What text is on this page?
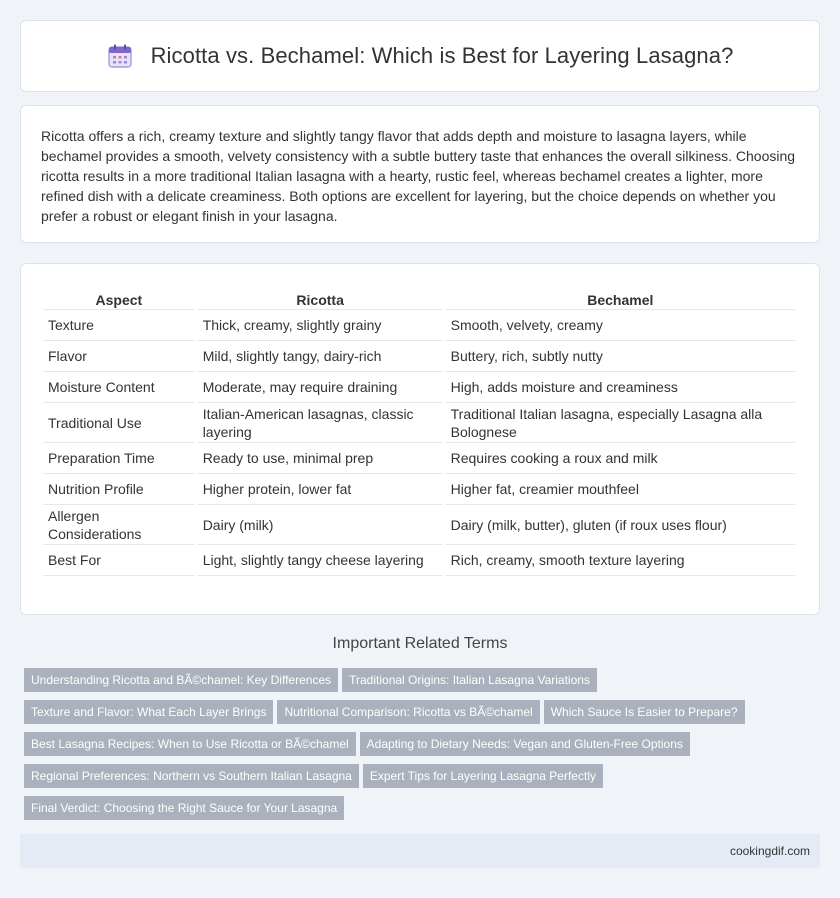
Ricotta vs. Bechamel: Which is Best for Layering Lasagna?

Ricotta offers a rich, creamy texture and slightly tangy flavor that adds depth and moisture to lasagna layers, while bechamel provides a smooth, velvety consistency with a subtle buttery taste that enhances the overall silkiness. Choosing ricotta results in a more traditional Italian lasagna with a hearty, rustic feel, whereas bechamel creates a lighter, more refined dish with a delicate creaminess. Both options are excellent for layering, but the choice depends on whether you prefer a robust or elegant finish in your lasagna.

Aspect	Ricotta	Bechamel
Texture	Thick, creamy, slightly grainy	Smooth, velvety, creamy
Flavor	Mild, slightly tangy, dairy-rich	Buttery, rich, subtly nutty
Moisture Content	Moderate, may require draining	High, adds moisture and creaminess
Traditional Use	Italian-American lasagnas, classic layering	Traditional Italian lasagna, especially Lasagna alla Bolognese
Preparation Time	Ready to use, minimal prep	Requires cooking a roux and milk
Nutrition Profile	Higher protein, lower fat	Higher fat, creamier mouthfeel
Allergen Considerations	Dairy (milk)	Dairy (milk, butter), gluten (if roux uses flour)
Best For	Light, slightly tangy cheese layering	Rich, creamy, smooth texture layering
Important Related Terms
Understanding Ricotta and BÃ©chamel: Key Differences Traditional Origins: Italian Lasagna Variations
Texture and Flavor: What Each Layer Brings Nutritional Comparison: Ricotta vs BÃ©chamel Which Sauce Is Easier to Prepare?
Best Lasagna Recipes: When to Use Ricotta or BÃ©chamel Adapting to Dietary Needs: Vegan and Gluten-Free Options
Regional Preferences: Northern vs Southern Italian Lasagna Expert Tips for Layering Lasagna Perfectly
Final Verdict: Choosing the Right Sauce for Your Lasagna
cookingdif.com
